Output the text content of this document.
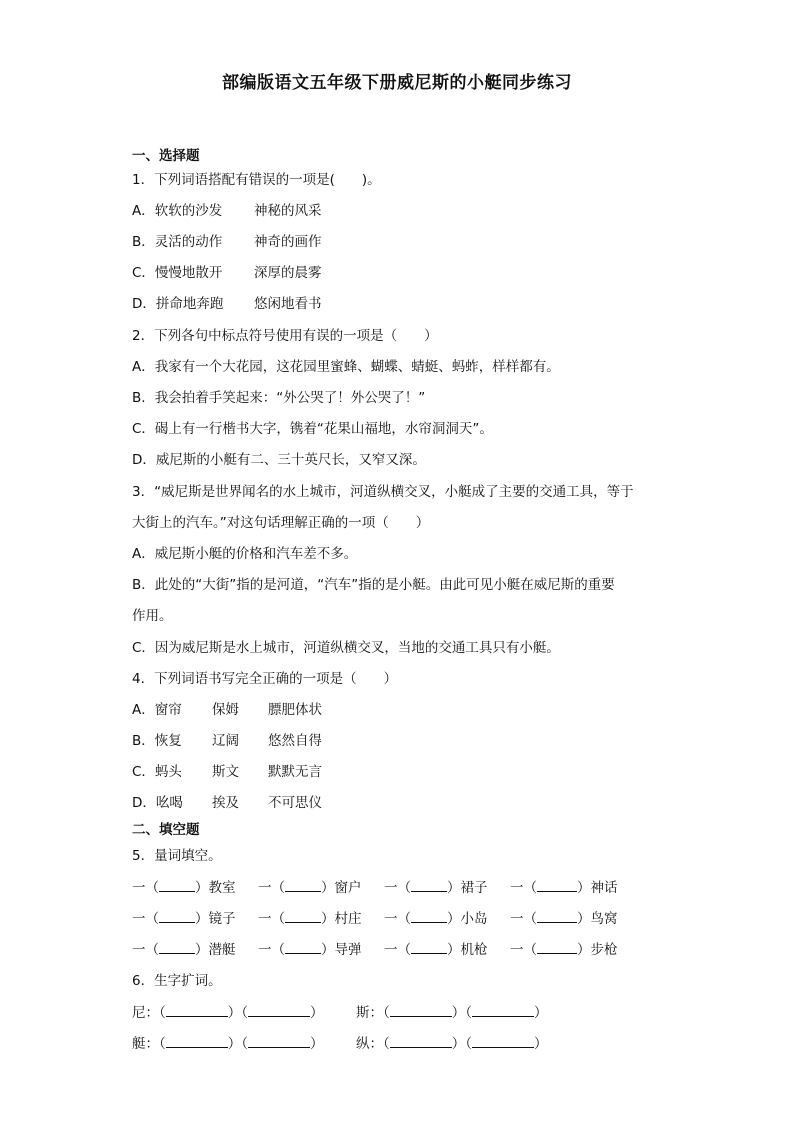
部编版语文五年级下册威尼斯的小艇同步练习
一、选择题
1．下列词语搭配有错误的一项是(　　)。
A．软软的沙发 神秘的风采
B．灵活的动作 神奇的画作
C．慢慢地散开 深厚的晨雾
D．拼命地奔跑 悠闲地看书
2．下列各句中标点符号使用有误的一项是（　　）
A．我家有一个大花园，这花园里蜜蜂、蝴蝶、蜻蜓、蚂蚱，样样都有。
B．我会拍着手笑起来：“外公哭了！外公哭了！”
C．碣上有一行楷书大字，镌着“花果山福地，水帘洞洞天”。
D．威尼斯的小艇有二、三十英尺长，又窄又深。
3．“威尼斯是世界闻名的水上城市，河道纵横交叉，小艇成了主要的交通工具，等于
大街上的汽车。”对这句话理解正确的一项（　　）
A．威尼斯小艇的价格和汽车差不多。
B．此处的“大街”指的是河道，“汽车”指的是小艇。由此可见小艇在威尼斯的重要
作用。
C．因为威尼斯是水上城市，河道纵横交叉，当地的交通工具只有小艇。
4．下列词语书写完全正确的一项是（　　）
A．窗帘 保姆 膘肥体状
B．恢复 辽阔 悠然自得
C．蚂头 斯文 默默无言
D．吆喝 挨及 不可思仪
二、填空题
5．量词填空。
一（	）教室 一（	）窗户 一（	）裙子 一（	）神话
一（	）镜子 一（	）村庄 一（	）小岛 一（	）鸟窝
一（	）潜艇 一（	）导弹 一（	）机枪 一（	）步枪
6．生字扩词。
尼：（	）（	） 斯：（	）（	）
艇：（	）（	） 纵：（	）（	）
